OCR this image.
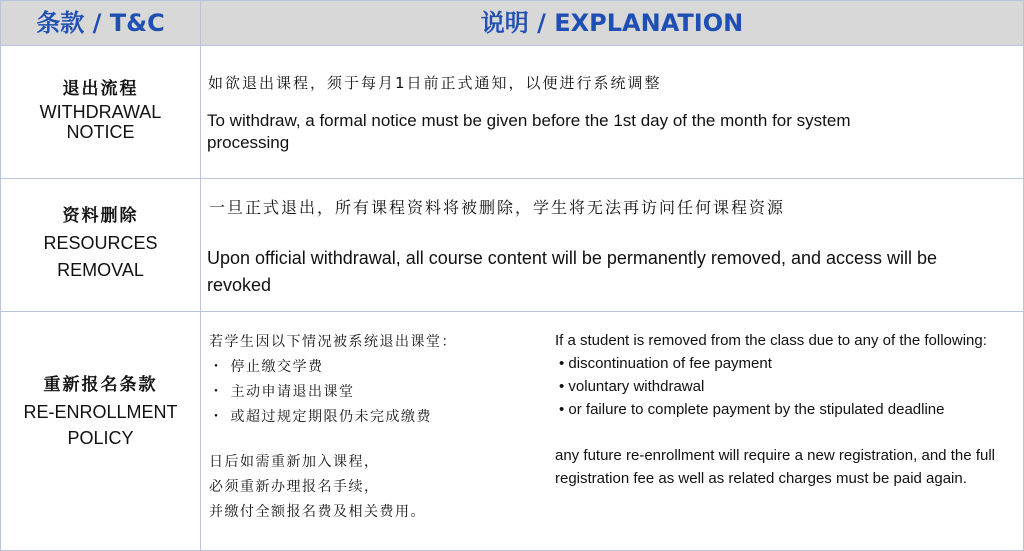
条款 / T&C	说明 / EXPLANATION
退出流程
WITHDRAWAL NOTICE
如欲退出课程，须于每月1日前正式通知，以便进行系统调整
To withdraw, a formal notice must be given before the 1st day of the month for system processing
资料删除
RESOURCES
REMOVAL
一旦正式退出，所有课程资料将被删除，学生将无法再访问任何课程资源
Upon official withdrawal, all course content will be permanently removed, and access will be revoked
重新报名条款
RE-ENROLLMENT
POLICY
若学生因以下情况被系统退出课堂：
・ 停止缴交学费
・ 主动申请退出课堂
・ 或超过规定期限仍未完成缴费
日后如需重新加入课程，
必须重新办理报名手续，
并缴付全额报名费及相关费用。
If a student is removed from the class due to any of the following:
• discontinuation of fee payment
• voluntary withdrawal
• or failure to complete payment by the stipulated deadline
any future re-enrollment will require a new registration, and the full registration fee as well as related charges must be paid again.
